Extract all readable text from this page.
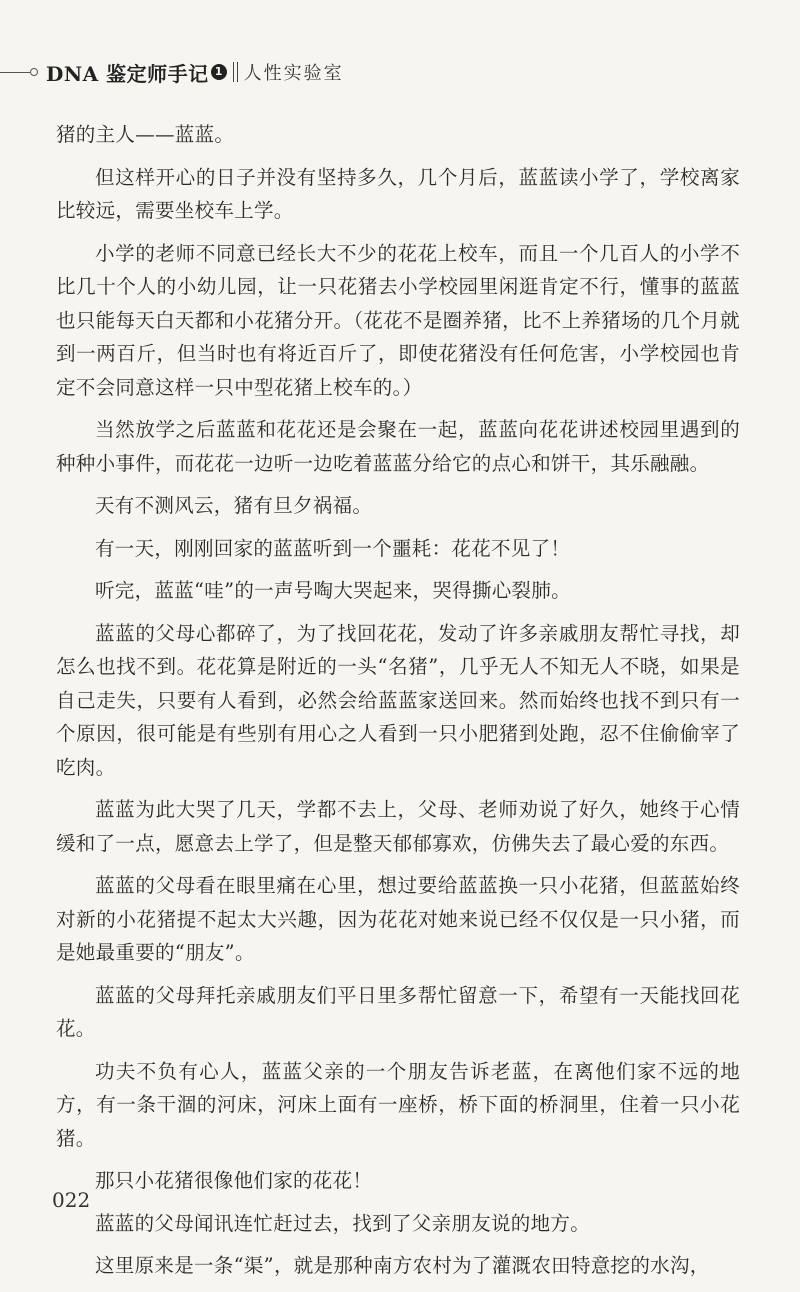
DNA 鉴定师手记 1 人性实验室

猪的主人——蓝蓝。

但这样开心的日子并没有坚持多久，几个月后，蓝蓝读小学了，学校离家比较远，需要坐校车上学。

小学的老师不同意已经长大不少的花花上校车，而且一个几百人的小学不比几十个人的小幼儿园，让一只花猪去小学校园里闲逛肯定不行，懂事的蓝蓝也只能每天白天都和小花猪分开。（花花不是圈养猪，比不上养猪场的几个月就到一两百斤，但当时也有将近百斤了，即使花猪没有任何危害，小学校园也肯定不会同意这样一只中型花猪上校车的。）

当然放学之后蓝蓝和花花还是会聚在一起，蓝蓝向花花讲述校园里遇到的种种小事件，而花花一边听一边吃着蓝蓝分给它的点心和饼干，其乐融融。

天有不测风云，猪有旦夕祸福。

有一天，刚刚回家的蓝蓝听到一个噩耗：花花不见了！

听完，蓝蓝“哇”的一声号啕大哭起来，哭得撕心裂肺。

蓝蓝的父母心都碎了，为了找回花花，发动了许多亲戚朋友帮忙寻找，却怎么也找不到。花花算是附近的一头“名猪”，几乎无人不知无人不晓，如果是自己走失，只要有人看到，必然会给蓝蓝家送回来。然而始终也找不到只有一个原因，很可能是有些别有用心之人看到一只小肥猪到处跑，忍不住偷偷宰了吃肉。

蓝蓝为此大哭了几天，学都不去上，父母、老师劝说了好久，她终于心情缓和了一点，愿意去上学了，但是整天郁郁寡欢，仿佛失去了最心爱的东西。

蓝蓝的父母看在眼里痛在心里，想过要给蓝蓝换一只小花猪，但蓝蓝始终对新的小花猪提不起太大兴趣，因为花花对她来说已经不仅仅是一只小猪，而是她最重要的“朋友”。

蓝蓝的父母拜托亲戚朋友们平日里多帮忙留意一下，希望有一天能找回花花。

功夫不负有心人，蓝蓝父亲的一个朋友告诉老蓝，在离他们家不远的地方，有一条干涸的河床，河床上面有一座桥，桥下面的桥洞里，住着一只小花猪。

那只小花猪很像他们家的花花！

蓝蓝的父母闻讯连忙赶过去，找到了父亲朋友说的地方。

这里原来是一条“渠”，就是那种南方农村为了灌溉农田特意挖的水沟，

022
